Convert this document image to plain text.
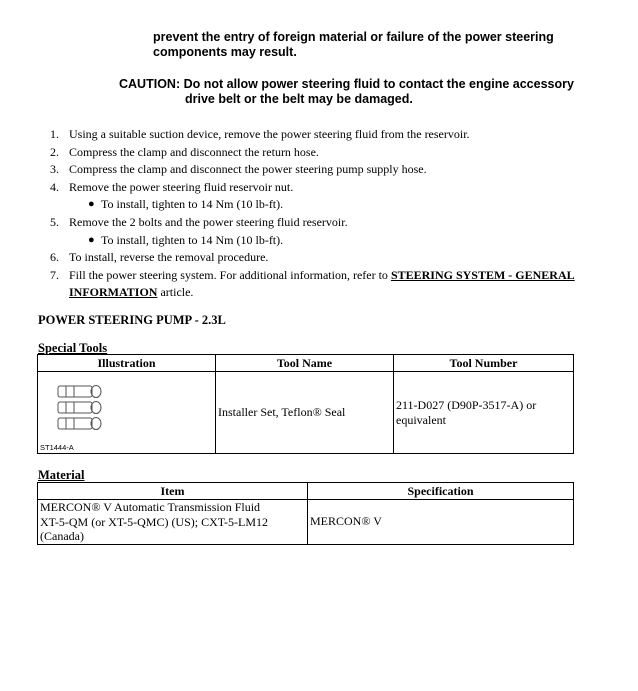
prevent the entry of foreign material or failure of the power steering
components may result.
CAUTION: Do not allow power steering fluid to contact the engine accessory
drive belt or the belt may be damaged.
1. Using a suitable suction device, remove the power steering fluid from the reservoir.
2. Compress the clamp and disconnect the return hose.
3. Compress the clamp and disconnect the power steering pump supply hose.
4. Remove the power steering fluid reservoir nut.
● To install, tighten to 14 Nm (10 lb-ft).
5. Remove the 2 bolts and the power steering fluid reservoir.
● To install, tighten to 14 Nm (10 lb-ft).
6. To install, reverse the removal procedure.
7. Fill the power steering system. For additional information, refer to STEERING SYSTEM - GENERAL
INFORMATION article.
POWER STEERING PUMP - 2.3L
Special Tools
Illustration	Tool Name	Tool Number

ST1444-A	Installer Set, Teflon® Seal	211-D027 (D90P-3517-A) or
equivalent
Material
Item	Specification

MERCON® V Automatic Transmission Fluid
XT-5-QM (or XT-5-QMC) (US); CXT-5-LM12
(Canada)	MERCON® V
